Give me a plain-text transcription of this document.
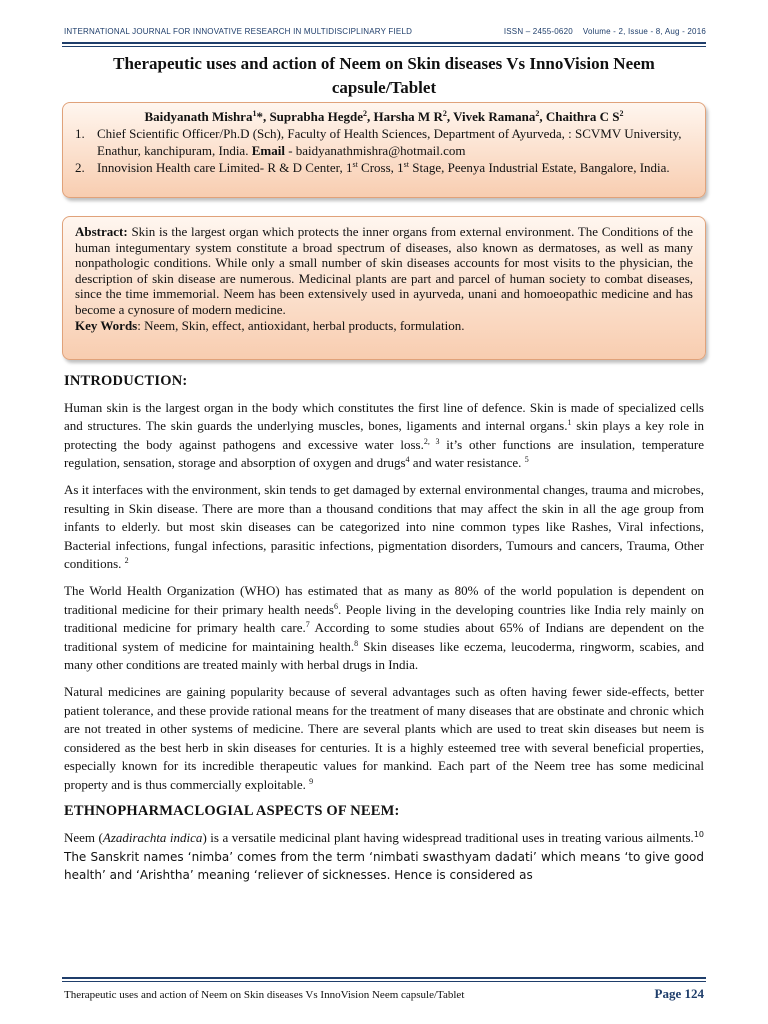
INTERNATIONAL JOURNAL FOR INNOVATIVE RESEARCH IN MULTIDISCIPLINARY FIELD	ISSN – 2455-0620 Volume - 2, Issue - 8, Aug - 2016
Therapeutic uses and action of Neem on Skin diseases Vs InnoVision Neem capsule/Tablet
Baidyanath Mishra$^1$*, Suprabha Hegde$^2$, Harsha M $R^2$, Vivek Ramana$^2$, Chaithra C $S^2$
1. Chief Scientific Officer/Ph.D (Sch), Faculty of Health Sciences, Department of Ayurveda, : SCVMV University, Enathur, kanchipuram, India. Email - baidyanathmishra@hotmail.com
2. Innovision Health care Limited- R & D Center, 1st Cross, 1st Stage, Peenya Industrial Estate, Bangalore, India.
Abstract: Skin is the largest organ which protects the inner organs from external environment. The Conditions of the human integumentary system constitute a broad spectrum of diseases, also known as dermatoses, as well as many nonpathologic conditions. While only a small number of skin diseases accounts for most visits to the physician, the description of skin disease are numerous. Medicinal plants are part and parcel of human society to combat diseases, since the time immemorial. Neem has been extensively used in ayurveda, unani and homoeopathic medicine and has become a cynosure of modern medicine.
Key Words: Neem, Skin, effect, antioxidant, herbal products, formulation.
INTRODUCTION:

Human skin is the largest organ in the body which constitutes the first line of defence. Skin is made of specialized cells and structures. The skin guards the underlying muscles, bones, ligaments and internal organs.$^1$ skin plays a key role in protecting the body against pathogens and excessive water loss.$^{2, 3}$ it’s other functions are insulation, temperature regulation, sensation, storage and absorption of oxygen and drugs$^4$ and water resistance. $^5$

As it interfaces with the environment, skin tends to get damaged by external environmental changes, trauma and microbes, resulting in Skin disease. There are more than a thousand conditions that may affect the skin in all the age group from infants to elderly. but most skin diseases can be categorized into nine common types like Rashes, Viral infections, Bacterial infections, fungal infections, parasitic infections, pigmentation disorders, Tumours and cancers, Trauma, Other conditions. $^2$

The World Health Organization (WHO) has estimated that as many as 80% of the world population is dependent on traditional medicine for their primary health needs$^6$. People living in the developing countries like India rely mainly on traditional medicine for primary health care.$^7$ According to some studies about 65% of Indians are dependent on the traditional system of medicine for maintaining health.$^8$ Skin diseases like eczema, leucoderma, ringworm, scabies, and many other conditions are treated mainly with herbal drugs in India.

Natural medicines are gaining popularity because of several advantages such as often having fewer side-effects, better patient tolerance, and these provide rational means for the treatment of many diseases that are obstinate and chronic which are not treated in other systems of medicine. There are several plants which are used to treat skin diseases but neem is considered as the best herb in skin diseases for centuries. It is a highly esteemed tree with several beneficial properties, especially known for its incredible therapeutic values for mankind. Each part of the Neem tree has some medicinal property and is thus commercially exploitable. $^9$

ETHNOPHARMACLOGIAL ASPECTS OF NEEM:

Neem (Azadirachta indica) is a versatile medicinal plant having widespread traditional uses in treating various ailments.$^{10}$ The Sanskrit names ‘nimba’ comes from the term ‘nimbati swasthyam dadati’ which means ‘to give good health’ and ‘Arishtha’ meaning ‘reliever of sicknesses. Hence is considered as

Therapeutic uses and action of Neem on Skin diseases Vs InnoVision Neem capsule/Tablet	Page 124
